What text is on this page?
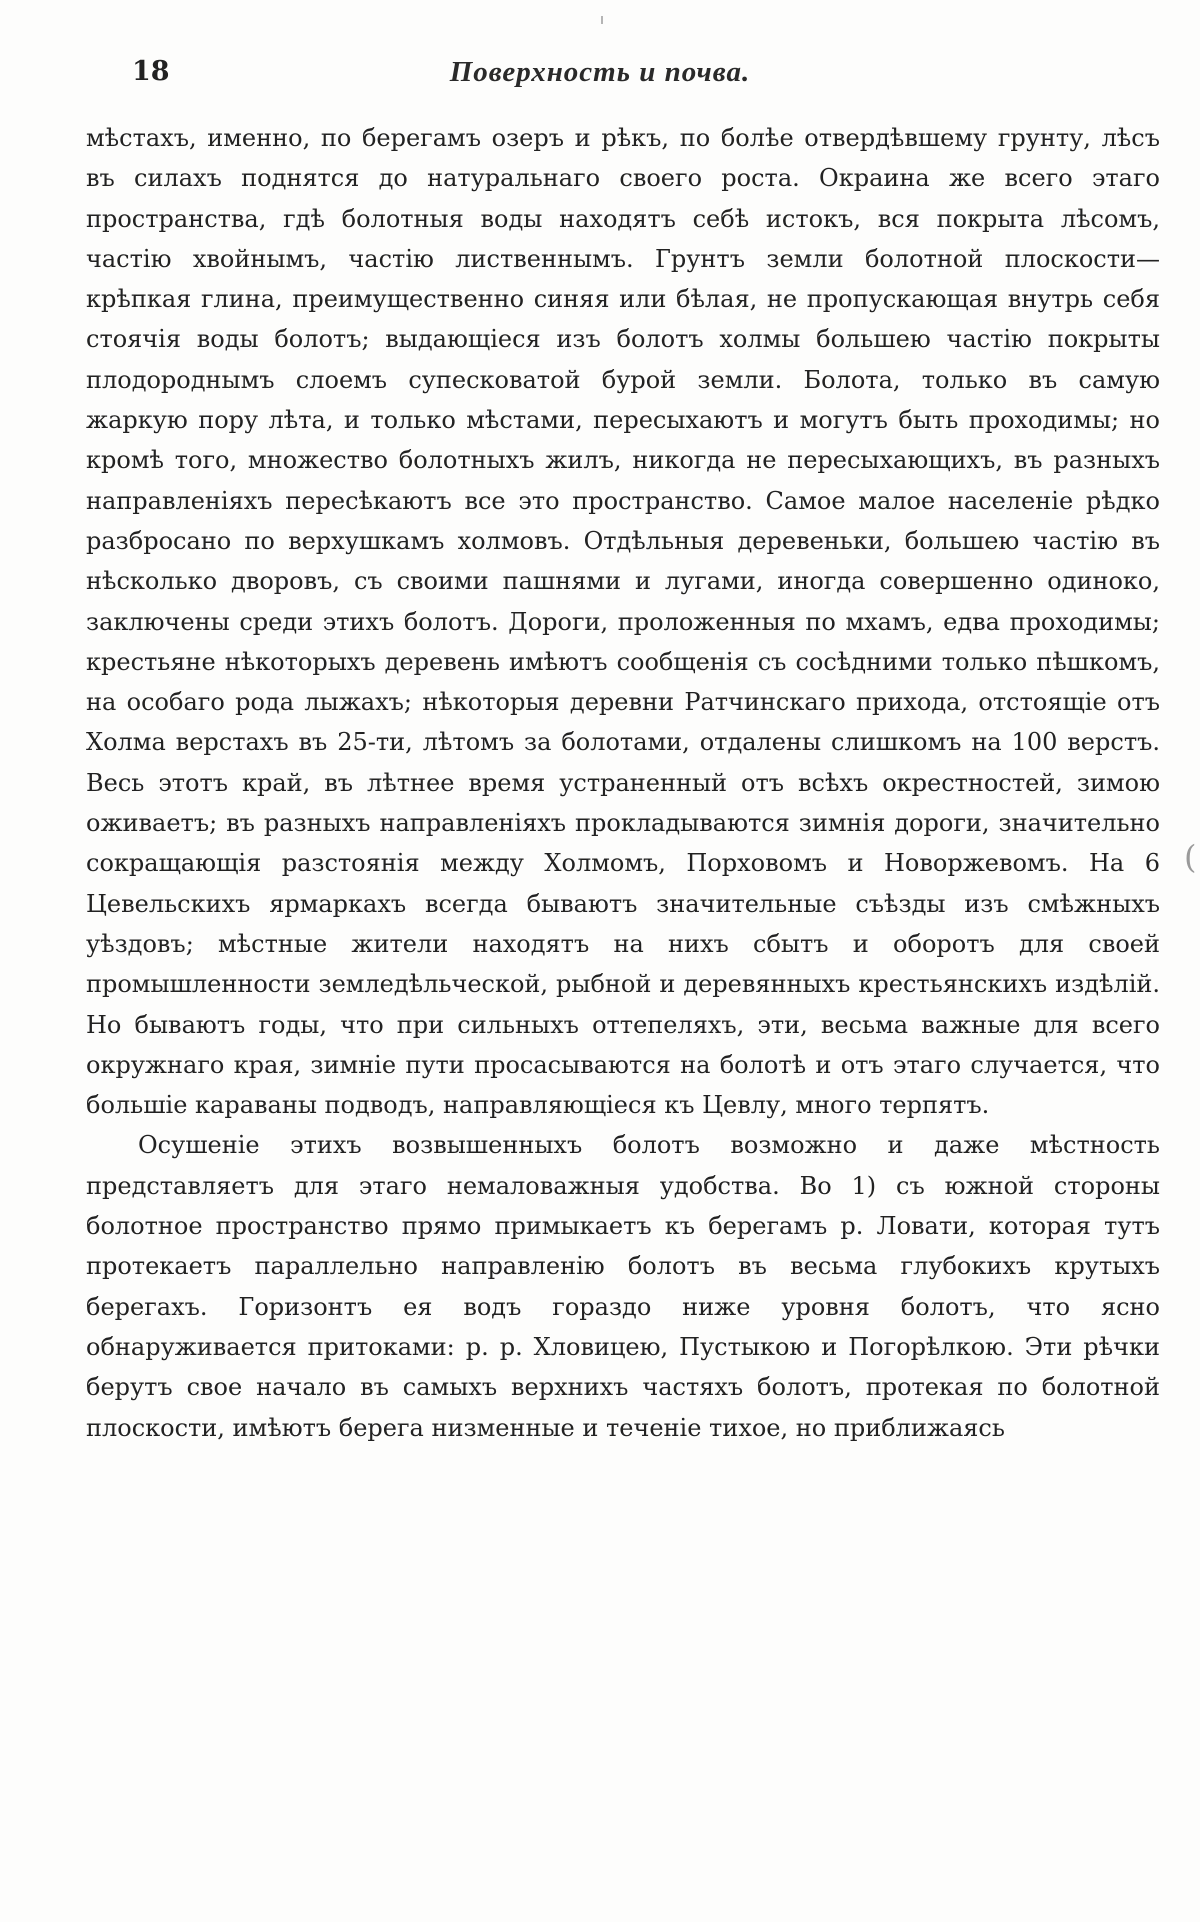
18	Поверхность и почва.

мѣстахъ, именно, по берегамъ озеръ и рѣкъ, по болѣе отвердѣвшему грунту, лѣсъ въ силахъ поднятся до натуральнаго своего роста. Окраина же всего этаго пространства, гдѣ болотныя воды находятъ себѣ истокъ, вся покрыта лѣсомъ, частію хвойнымъ, частію лиственнымъ. Грунтъ земли болотной плоскости—крѣпкая глина, преимущественно синяя или бѣлая, не пропускающая внутрь себя стоячія воды болотъ; выдающіеся изъ болотъ холмы большею частію покрыты плодороднымъ слоемъ супесковатой бурой земли. Болота, только въ самую жаркую пору лѣта, и только мѣстами, пересыхаютъ и могутъ быть проходимы; но кромѣ того, множество болотныхъ жилъ, никогда не пересыхающихъ, въ разныхъ направленіяхъ пересѣкаютъ все это пространство. Самое малое населеніе рѣдко разбросано по верхушкамъ холмовъ. Отдѣльныя деревеньки, большею частію въ нѣсколько дворовъ, съ своими пашнями и лугами, иногда совершенно одиноко, заключены среди этихъ болотъ. Дороги, проложенныя по мхамъ, едва проходимы; крестьяне нѣкоторыхъ деревень имѣютъ сообщенія съ сосѣдними только пѣшкомъ, на особаго рода лыжахъ; нѣкоторыя деревни Ратчинскаго прихода, отстоящіе отъ Холма верстахъ въ 25-ти, лѣтомъ за болотами, отдалены слишкомъ на 100 верстъ. Весь этотъ край, въ лѣтнее время устраненный отъ всѣхъ окрестностей, зимою оживаетъ; въ разныхъ направленіяхъ прокладываются зимнія дороги, значительно сокращающія разстоянія между Холмомъ, Порховомъ и Новоржевомъ. На 6 Цевельскихъ ярмаркахъ всегда бываютъ значительные съѣзды изъ смѣжныхъ уѣздовъ; мѣстные жители находятъ на нихъ сбытъ и оборотъ для своей промышленности земледѣльческой, рыбной и деревянныхъ крестьянскихъ издѣлій. Но бываютъ годы, что при сильныхъ оттепеляхъ, эти, весьма важные для всего окружнаго края, зимніе пути просасываются на болотѣ и отъ этаго случается, что большіе караваны подводъ, направляющіеся къ Цевлу, много терпятъ.

Осушеніе этихъ возвышенныхъ болотъ возможно и даже мѣстность представляетъ для этаго немаловажныя удобства. Во 1) съ южной стороны болотное пространство прямо примыкаетъ къ берегамъ р. Ловати, которая тутъ протекаетъ параллельно направленію болотъ въ весьма глубокихъ крутыхъ берегахъ. Горизонтъ ея водъ гораздо ниже уровня болотъ, что ясно обнаруживается притоками: р. р. Хловицею, Пустыкою и Погорѣлкою. Эти рѣчки берутъ свое начало въ самыхъ верхнихъ частяхъ болотъ, протекая по болотной плоскости, имѣютъ берега низменные и теченіе тихое, но приближаясь

(
